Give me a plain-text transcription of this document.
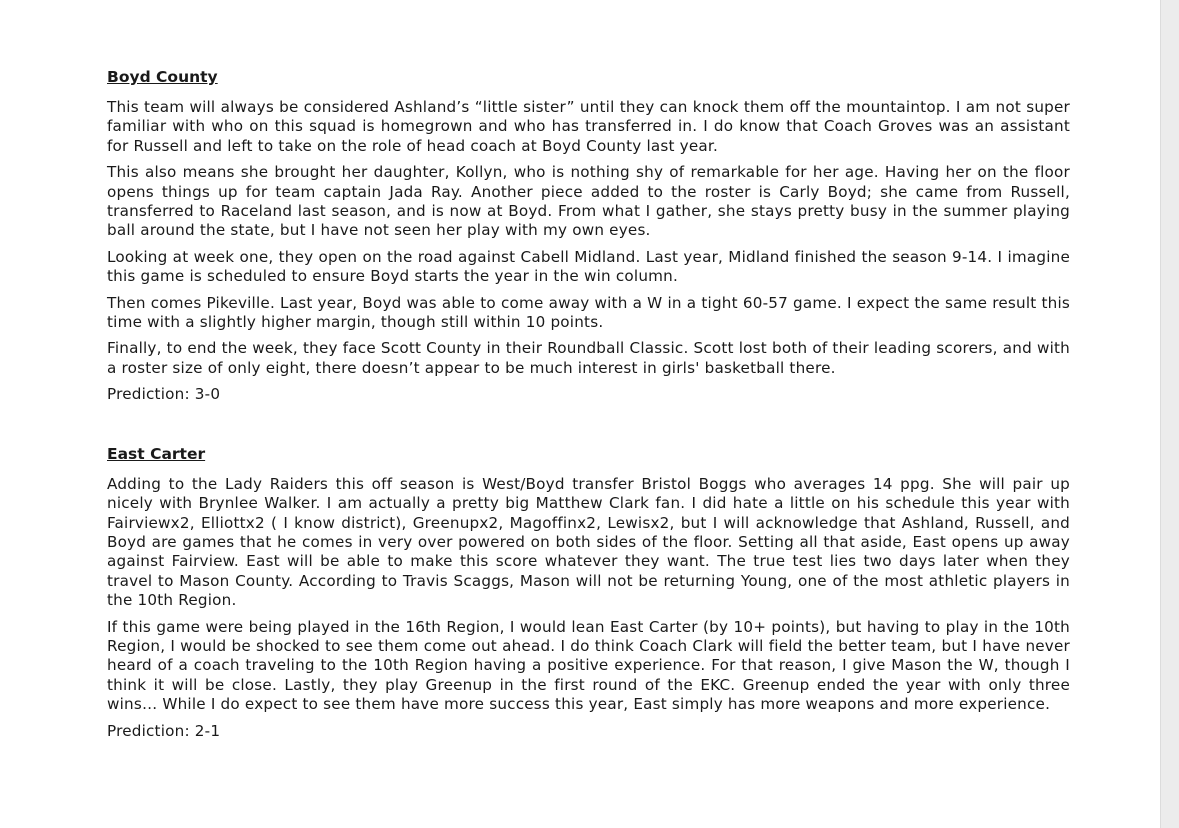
Boyd County

This team will always be considered Ashland’s “little sister” until they can knock them off the mountaintop. I am not super familiar with who on this squad is homegrown and who has transferred in. I do know that Coach Groves was an assistant for Russell and left to take on the role of head coach at Boyd County last year.

This also means she brought her daughter, Kollyn, who is nothing shy of remarkable for her age. Having her on the floor opens things up for team captain Jada Ray. Another piece added to the roster is Carly Boyd; she came from Russell, transferred to Raceland last season, and is now at Boyd. From what I gather, she stays pretty busy in the summer playing ball around the state, but I have not seen her play with my own eyes.

Looking at week one, they open on the road against Cabell Midland. Last year, Midland finished the season 9-14. I imagine this game is scheduled to ensure Boyd starts the year in the win column.

Then comes Pikeville. Last year, Boyd was able to come away with a W in a tight 60-57 game. I expect the same result this time with a slightly higher margin, though still within 10 points.

Finally, to end the week, they face Scott County in their Roundball Classic. Scott lost both of their leading scorers, and with a roster size of only eight, there doesn’t appear to be much interest in girls' basketball there.

Prediction: 3-0

East Carter

Adding to the Lady Raiders this off season is West/Boyd transfer Bristol Boggs who averages 14 ppg. She will pair up nicely with Brynlee Walker. I am actually a pretty big Matthew Clark fan. I did hate a little on his schedule this year with Fairviewx2, Elliottx2 ( I know district), Greenupx2, Magoffinx2, Lewisx2, but I will acknowledge that Ashland, Russell, and Boyd are games that he comes in very over powered on both sides of the floor. Setting all that aside, East opens up away against Fairview. East will be able to make this score whatever they want. The true test lies two days later when they travel to Mason County. According to Travis Scaggs, Mason will not be returning Young, one of the most athletic players in the 10th Region.

If this game were being played in the 16th Region, I would lean East Carter (by 10+ points), but having to play in the 10th Region, I would be shocked to see them come out ahead. I do think Coach Clark will field the better team, but I have never heard of a coach traveling to the 10th Region having a positive experience. For that reason, I give Mason the W, though I think it will be close. Lastly, they play Greenup in the first round of the EKC. Greenup ended the year with only three wins… While I do expect to see them have more success this year, East simply has more weapons and more experience.

Prediction: 2-1
